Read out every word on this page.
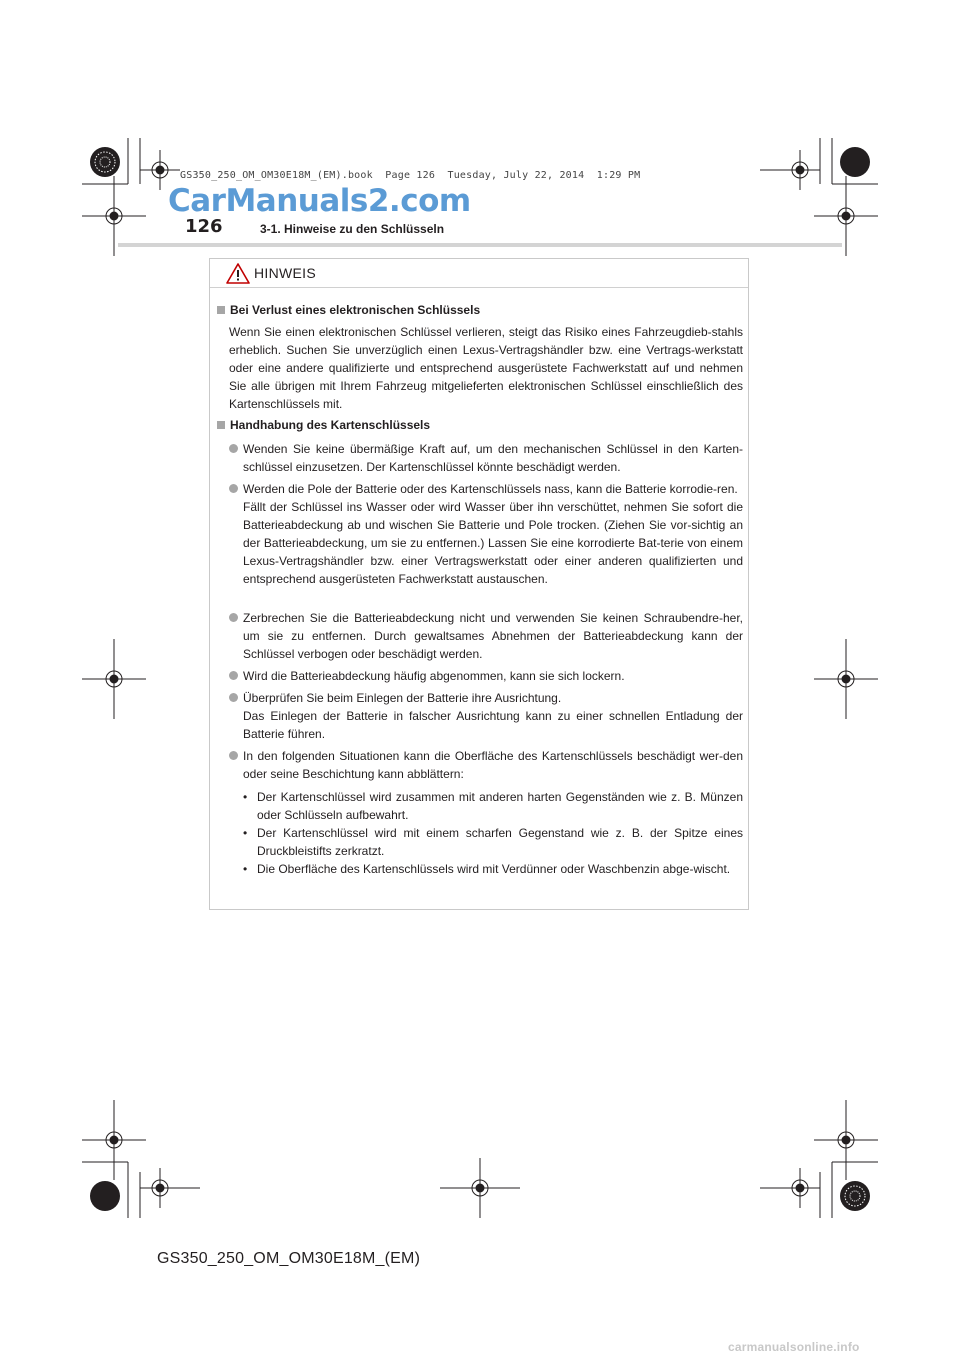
GS350_250_OM_OM30E18M_(EM).book  Page 126  Tuesday, July 22, 2014  1:29 PM
CarManuals2.com
126	3-1. Hinweise zu den Schlüsseln
HINWEIS
Bei Verlust eines elektronischen Schlüssels
Wenn Sie einen elektronischen Schlüssel verlieren, steigt das Risiko eines Fahrzeugdieb-stahls erheblich. Suchen Sie unverzüglich einen Lexus-Vertragshändler bzw. eine Vertrags-werkstatt oder eine andere qualifizierte und entsprechend ausgerüstete Fachwerkstatt auf und nehmen Sie alle übrigen mit Ihrem Fahrzeug mitgelieferten elektronischen Schlüssel einschließlich des Kartenschlüssels mit.
Handhabung des Kartenschlüssels

Wenden Sie keine übermäßige Kraft auf, um den mechanischen Schlüssel in den Karten-schlüssel einzusetzen. Der Kartenschlüssel könnte beschädigt werden.

Werden die Pole der Batterie oder des Kartenschlüssels nass, kann die Batterie korrodie-ren.

Fällt der Schlüssel ins Wasser oder wird Wasser über ihn verschüttet, nehmen Sie sofort die Batterieabdeckung ab und wischen Sie Batterie und Pole trocken. (Ziehen Sie vor-sichtig an der Batterieabdeckung, um sie zu entfernen.) Lassen Sie eine korrodierte Bat-terie von einem Lexus-Vertragshändler bzw. einer Vertragswerkstatt oder einer anderen qualifizierten und entsprechend ausgerüsteten Fachwerkstatt austauschen.

Zerbrechen Sie die Batterieabdeckung nicht und verwenden Sie keinen Schraubendre-her, um sie zu entfernen. Durch gewaltsames Abnehmen der Batterieabdeckung kann der Schlüssel verbogen oder beschädigt werden.

Wird die Batterieabdeckung häufig abgenommen, kann sie sich lockern.

Überprüfen Sie beim Einlegen der Batterie ihre Ausrichtung.

Das Einlegen der Batterie in falscher Ausrichtung kann zu einer schnellen Entladung der Batterie führen.

In den folgenden Situationen kann die Oberfläche des Kartenschlüssels beschädigt wer-den oder seine Beschichtung kann abblättern:

• Der Kartenschlüssel wird zusammen mit anderen harten Gegenständen wie z. B. Münzen oder Schlüsseln aufbewahrt.
• Der Kartenschlüssel wird mit einem scharfen Gegenstand wie z. B. der Spitze eines Druckbleistifts zerkratzt.
• Die Oberfläche des Kartenschlüssels wird mit Verdünner oder Waschbenzin abge-wischt.
GS350_250_OM_OM30E18M_(EM)
carmanualsonline.info
